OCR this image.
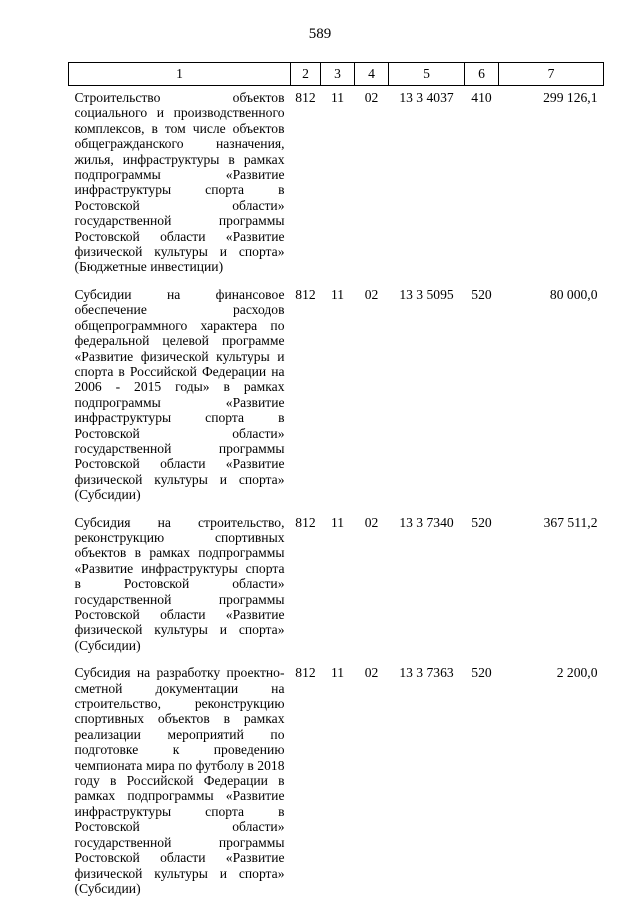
589
1	2	3	4	5	6	7
Строительство объектов социального и производственного комплексов, в том числе объектов общегражданского назначения, жилья, инфраструктуры в рамках подпрограммы «Развитие инфраструктуры спорта в Ростовской области» государственной программы Ростовской области «Развитие физической культуры и спорта» (Бюджетные инвестиции)	812	11	02	13 3 4037	410	299 126,1
Субсидии на финансовое обеспечение расходов общепрограммного характера по федеральной целевой программе «Развитие физической культуры и спорта в Российской Федерации на 2006 - 2015 годы» в рамках подпрограммы «Развитие инфраструктуры спорта в Ростовской области» государственной программы Ростовской области «Развитие физической культуры и спорта» (Субсидии)	812	11	02	13 3 5095	520	80 000,0
Субсидия на строительство, реконструкцию спортивных объектов в рамках подпрограммы «Развитие инфраструктуры спорта в Ростовской области» государственной программы Ростовской области «Развитие физической культуры и спорта» (Субсидии)	812	11	02	13 3 7340	520	367 511,2
Субсидия на разработку проектно-сметной документации на строительство, реконструкцию спортивных объектов в рамках реализации мероприятий по подготовке к проведению чемпионата мира по футболу в 2018 году в Российской Федерации в рамках подпрограммы «Развитие инфраструктуры спорта в Ростовской области» государственной программы Ростовской области «Развитие физической культуры и спорта» (Субсидии)	812	11	02	13 3 7363	520	2 200,0
